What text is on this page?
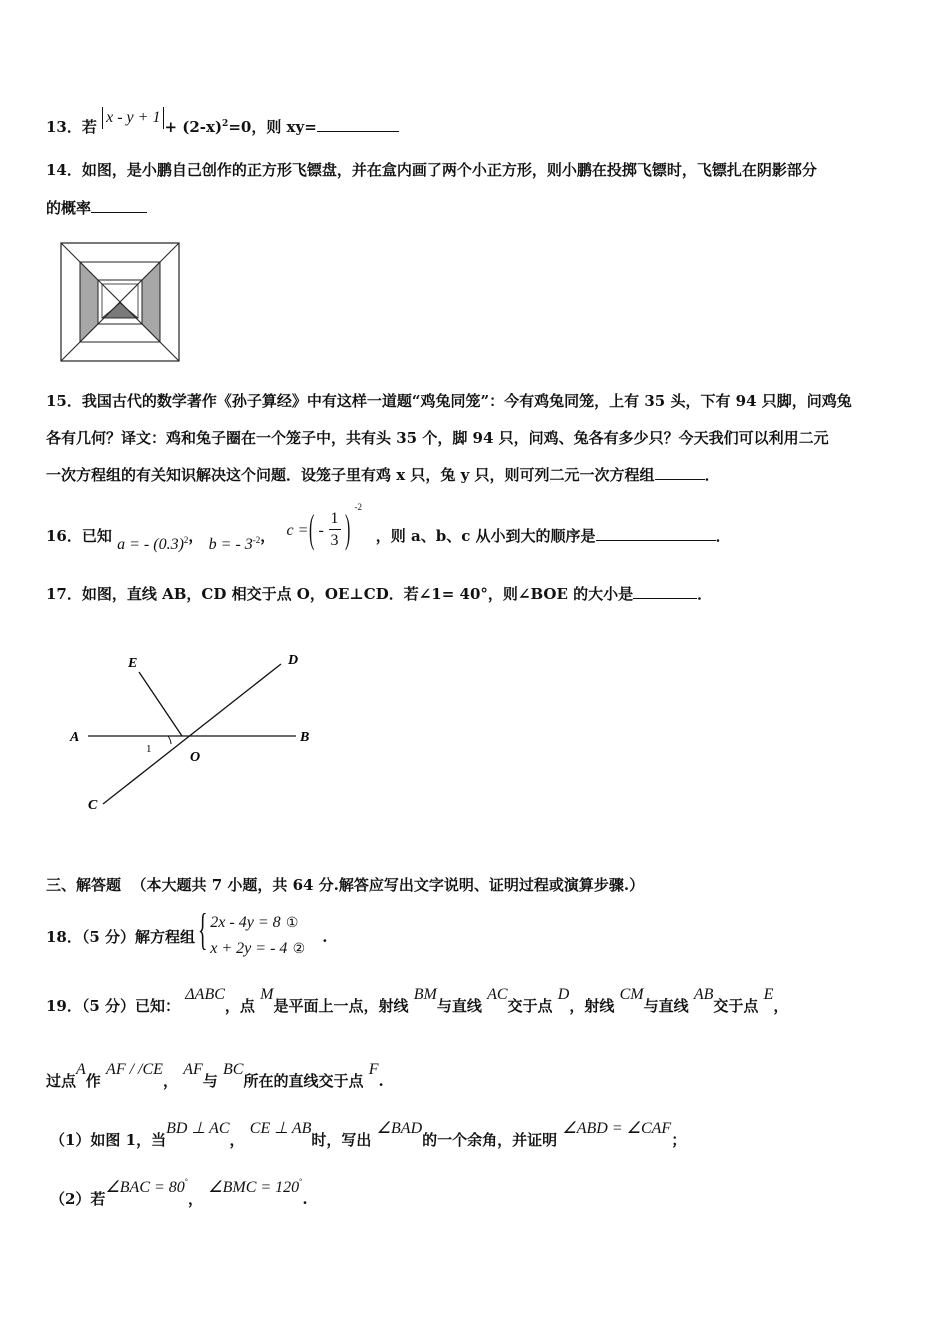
13．若 $x - y + 1+ (2-x)^2=0$，则 xy=
14．如图，是小鹏自己创作的正方形飞镖盘，并在盒内画了两个小正方形，则小鹏在投掷飞镖时，飞镖扎在阴影部分
的概率
15．我国古代的数学著作《孙子算经》中有这样一道题“鸡兔同笼”：今有鸡兔同笼，上有 35 头，下有 94 只脚，问鸡兔
各有几何？译文：鸡和兔子圈在一个笼子中，共有头 35 个，脚 94 只，问鸡、兔各有多少只？今天我们可以利用二元
一次方程组的有关知识解决这个问题．设笼子里有鸡 x 只，兔 y 只，则可列二元一次方程组	．
16．已知 a = - $(0.3)^2$， b = - $3^{-2}$， c = ( -
1
3 ) -2
，则 a、b、c 从小到大的顺序是	．
17．如图，直线 AB，CD 相交于点 O，OE⊥CD．若∠1= 40°，则∠BOE 的大小是	．
A	B
C
D
E
O
1
三、解答题 （本大题共 7 小题，共 64 分.解答应写出文字说明、证明过程或演算步骤.）
18．（5 分）解方程组 { 2x - 4y = 8 ①
x + 2y = - 4 ②
.
19．（5 分）已知： ΔABC，点 M是平面上一点，射线 BM与直线 AC交于点 D，射线 CM与直线 AB交于点 E，
过点A作 AF / /CE， AF与 BC所在的直线交于点 F.
（1）如图 1，当BD ⊥ AC， CE ⊥ AB时，写出 ∠BAD的一个余角，并证明 ∠ABD = ∠CAF；
（2）若∠BAC = 80°， ∠BMC = 120°.
